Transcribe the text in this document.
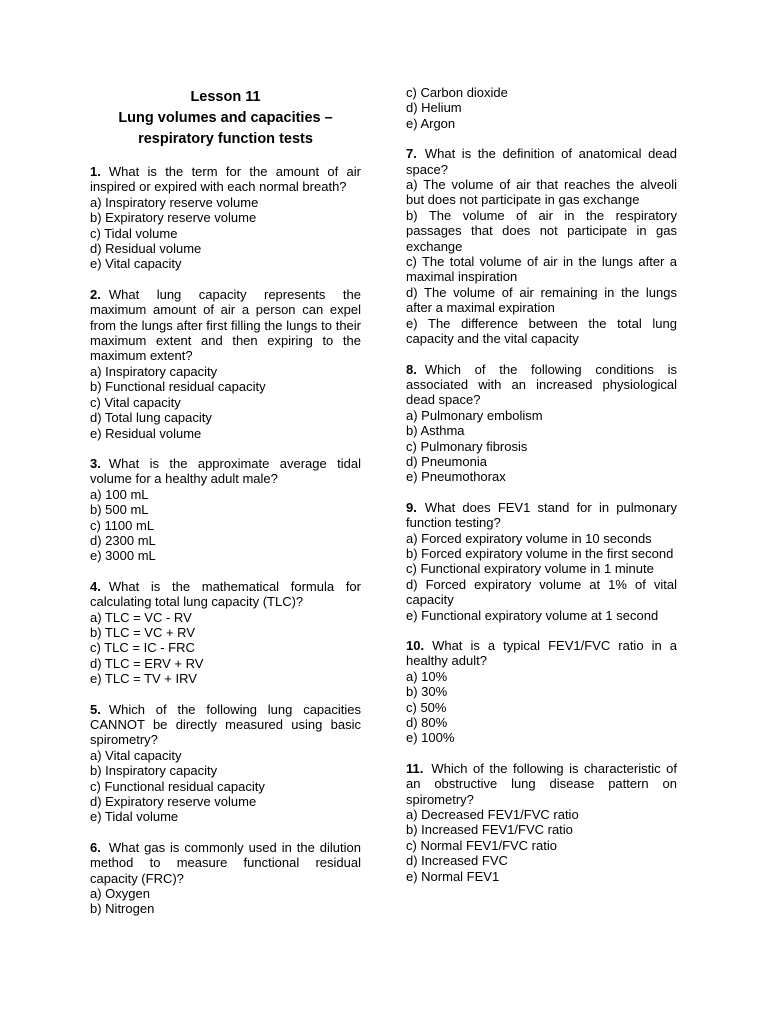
Lesson 11
Lung volumes and capacities –
respiratory function tests
1. What is the term for the amount of air inspired or expired with each normal breath?
a) Inspiratory reserve volume
b) Expiratory reserve volume
c) Tidal volume
d) Residual volume
e) Vital capacity
2. What lung capacity represents the maximum amount of air a person can expel from the lungs after first filling the lungs to their maximum extent and then expiring to the maximum extent?
a) Inspiratory capacity
b) Functional residual capacity
c) Vital capacity
d) Total lung capacity
e) Residual volume
3. What is the approximate average tidal volume for a healthy adult male?
a) 100 mL
b) 500 mL
c) 1100 mL
d) 2300 mL
e) 3000 mL
4. What is the mathematical formula for calculating total lung capacity (TLC)?
a) TLC = VC - RV
b) TLC = VC + RV
c) TLC = IC - FRC
d) TLC = ERV + RV
e) TLC = TV + IRV
5. Which of the following lung capacities CANNOT be directly measured using basic spirometry?
a) Vital capacity
b) Inspiratory capacity
c) Functional residual capacity
d) Expiratory reserve volume
e) Tidal volume
6. What gas is commonly used in the dilution method to measure functional residual capacity (FRC)?
a) Oxygen
b) Nitrogen
c) Carbon dioxide
d) Helium
e) Argon
7. What is the definition of anatomical dead space?
a) The volume of air that reaches the alveoli but does not participate in gas exchange
b) The volume of air in the respiratory passages that does not participate in gas exchange
c) The total volume of air in the lungs after a maximal inspiration
d) The volume of air remaining in the lungs after a maximal expiration
e) The difference between the total lung capacity and the vital capacity
8. Which of the following conditions is associated with an increased physiological dead space?
a) Pulmonary embolism
b) Asthma
c) Pulmonary fibrosis
d) Pneumonia
e) Pneumothorax
9. What does FEV1 stand for in pulmonary function testing?
a) Forced expiratory volume in 10 seconds
b) Forced expiratory volume in the first second
c) Functional expiratory volume in 1 minute
d) Forced expiratory volume at 1% of vital capacity
e) Functional expiratory volume at 1 second
10. What is a typical FEV1/FVC ratio in a healthy adult?
a) 10%
b) 30%
c) 50%
d) 80%
e) 100%
11. Which of the following is characteristic of an obstructive lung disease pattern on spirometry?
a) Decreased FEV1/FVC ratio
b) Increased FEV1/FVC ratio
c) Normal FEV1/FVC ratio
d) Increased FVC
e) Normal FEV1
